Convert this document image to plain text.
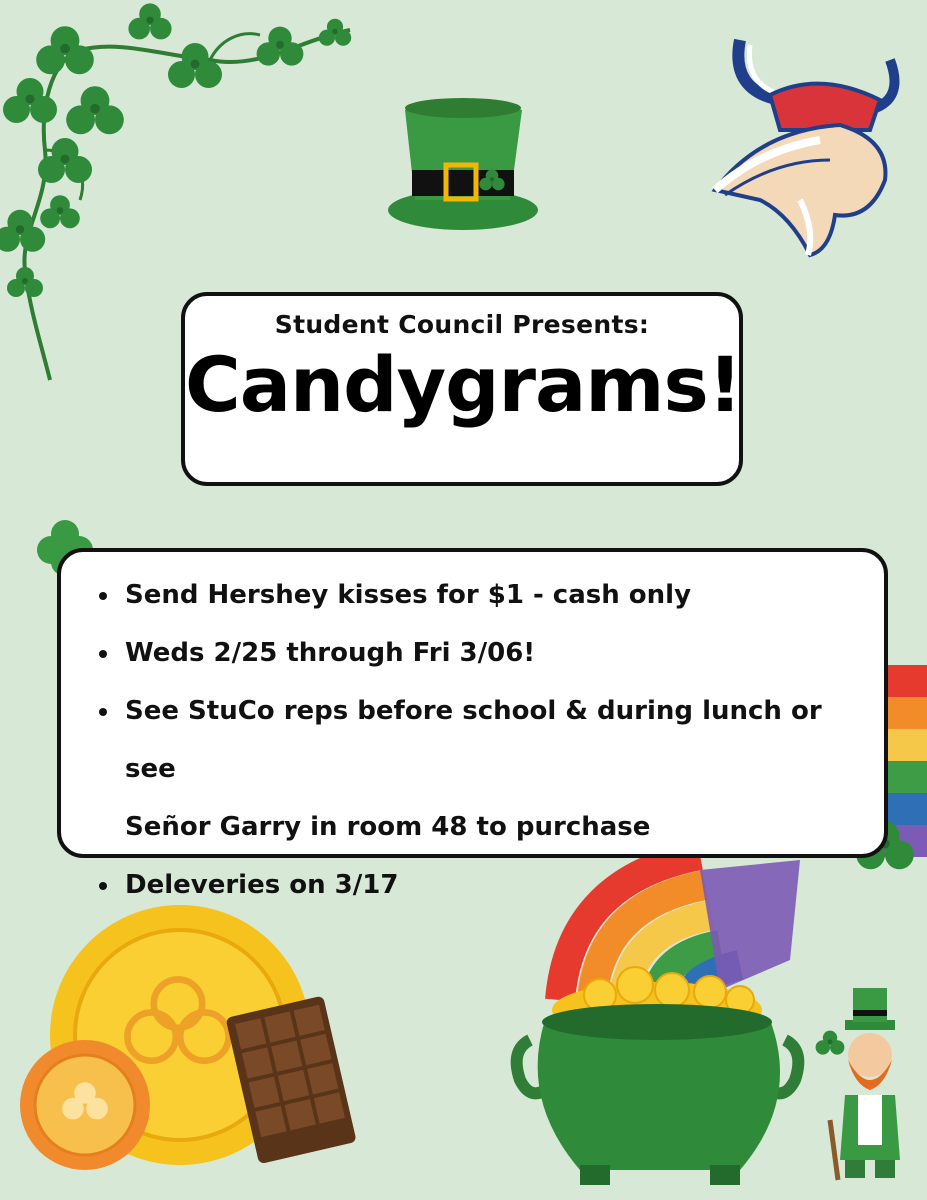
Student Council Presents:
Candygrams!
Send Hershey kisses for $1 - cash only
Weds 2/25 through Fri 3/06!
See StuCo reps before school & during lunch or see
Señor Garry in room 48 to purchase
Deleveries on 3/17
